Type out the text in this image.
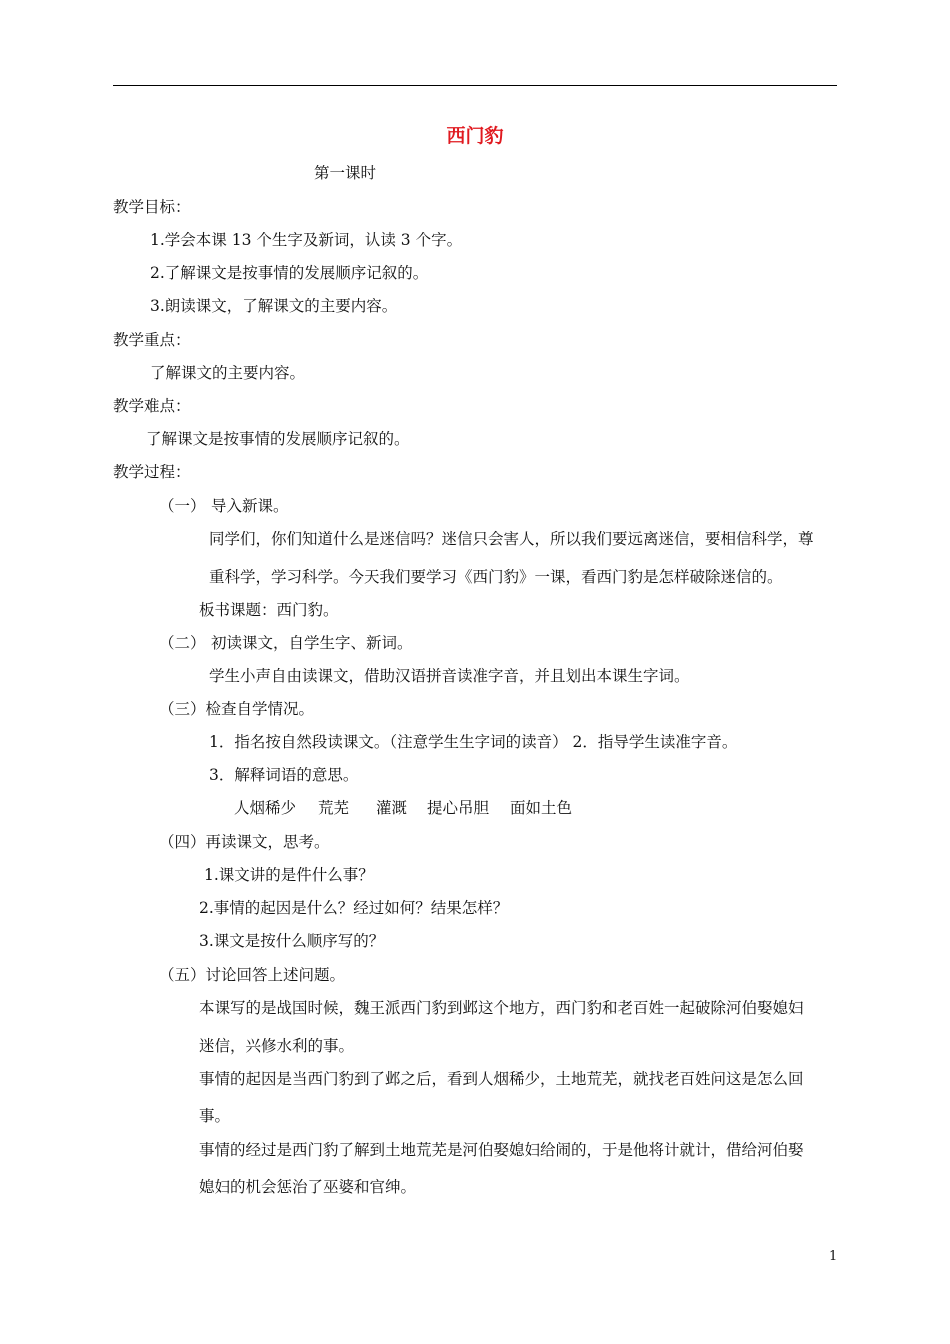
西门豹
第一课时
教学目标：
1.学会本课 13 个生字及新词，认读 3 个字。
2.了解课文是按事情的发展顺序记叙的。
3.朗读课文，了解课文的主要内容。
教学重点：
了解课文的主要内容。
教学难点：
了解课文是按事情的发展顺序记叙的。
教学过程：
（一） 导入新课。
同学们，你们知道什么是迷信吗？迷信只会害人，所以我们要远离迷信，要相信科学，尊
重科学，学习科学。今天我们要学习《西门豹》一课，看西门豹是怎样破除迷信的。
板书课题：西门豹。
（二） 初读课文，自学生字、新词。
学生小声自由读课文，借助汉语拼音读准字音，并且划出本课生字词。
（三）检查自学情况。
1．指名按自然段读课文。（注意学生生字词的读音） 2．指导学生读准字音。
3．解释词语的意思。
人烟稀少 荒芜 灌溉 提心吊胆 面如土色
（四）再读课文，思考。
1.课文讲的是件什么事？
2.事情的起因是什么？经过如何？结果怎样？
3.课文是按什么顺序写的？
（五）讨论回答上述问题。
本课写的是战国时候，魏王派西门豹到邺这个地方，西门豹和老百姓一起破除河伯娶媳妇
迷信，兴修水利的事。
事情的起因是当西门豹到了邺之后，看到人烟稀少，土地荒芜，就找老百姓问这是怎么回
事。
事情的经过是西门豹了解到土地荒芜是河伯娶媳妇给闹的，于是他将计就计，借给河伯娶
媳妇的机会惩治了巫婆和官绅。
1
